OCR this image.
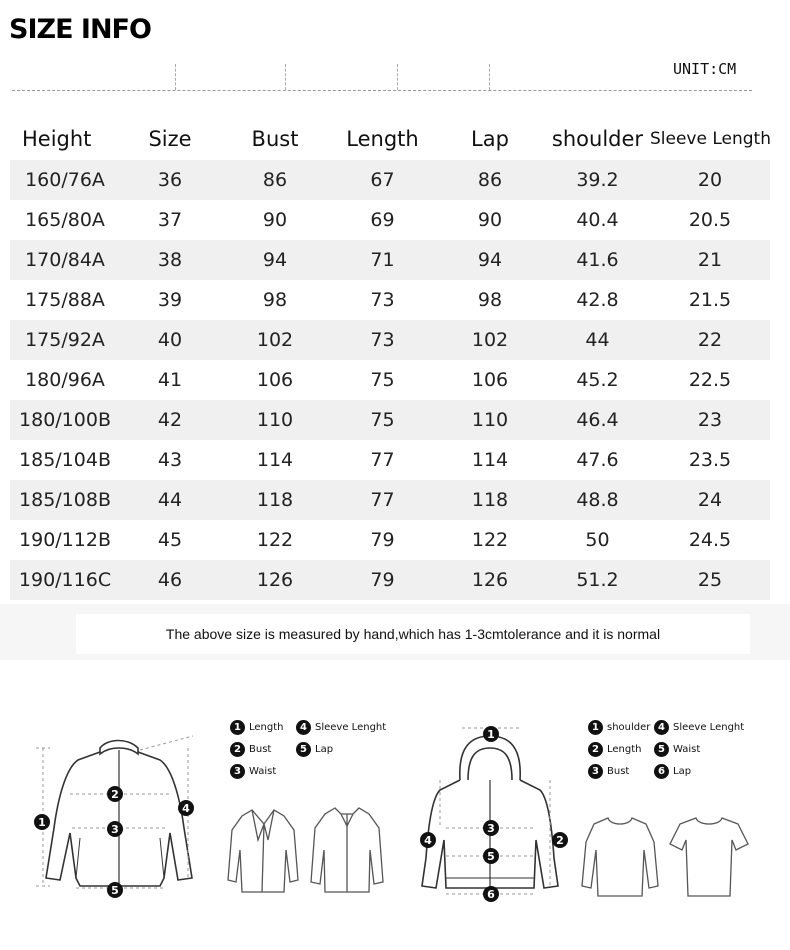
SIZE INFO
UNIT:CM
Height	Size	Bust	Length	Lap	shoulder	Sleeve Length
160/76A	36	86	67	86	39.2	20
165/80A	37	90	69	90	40.4	20.5
170/84A	38	94	71	94	41.6	21
175/88A	39	98	73	98	42.8	21.5
175/92A	40	102	73	102	44	22
180/96A	41	106	75	106	45.2	22.5
180/100B	42	110	75	110	46.4	23
185/104B	43	114	77	114	47.6	23.5
185/108B	44	118	77	118	48.8	24
190/112B	45	122	79	122	50	24.5
190/116C	46	126	79	126	51.2	25
The above size is measured by hand,which has 1-3cmtolerance and it is normal
1
2
3
4
5
1 Length
2 Bust
3 Waist
4 Sleeve Lenght
5 Lap
1
2
3
4
5
6
1 shoulder
2 Length
3 Bust
4 Sleeve Lenght
5 Waist
6 Lap
